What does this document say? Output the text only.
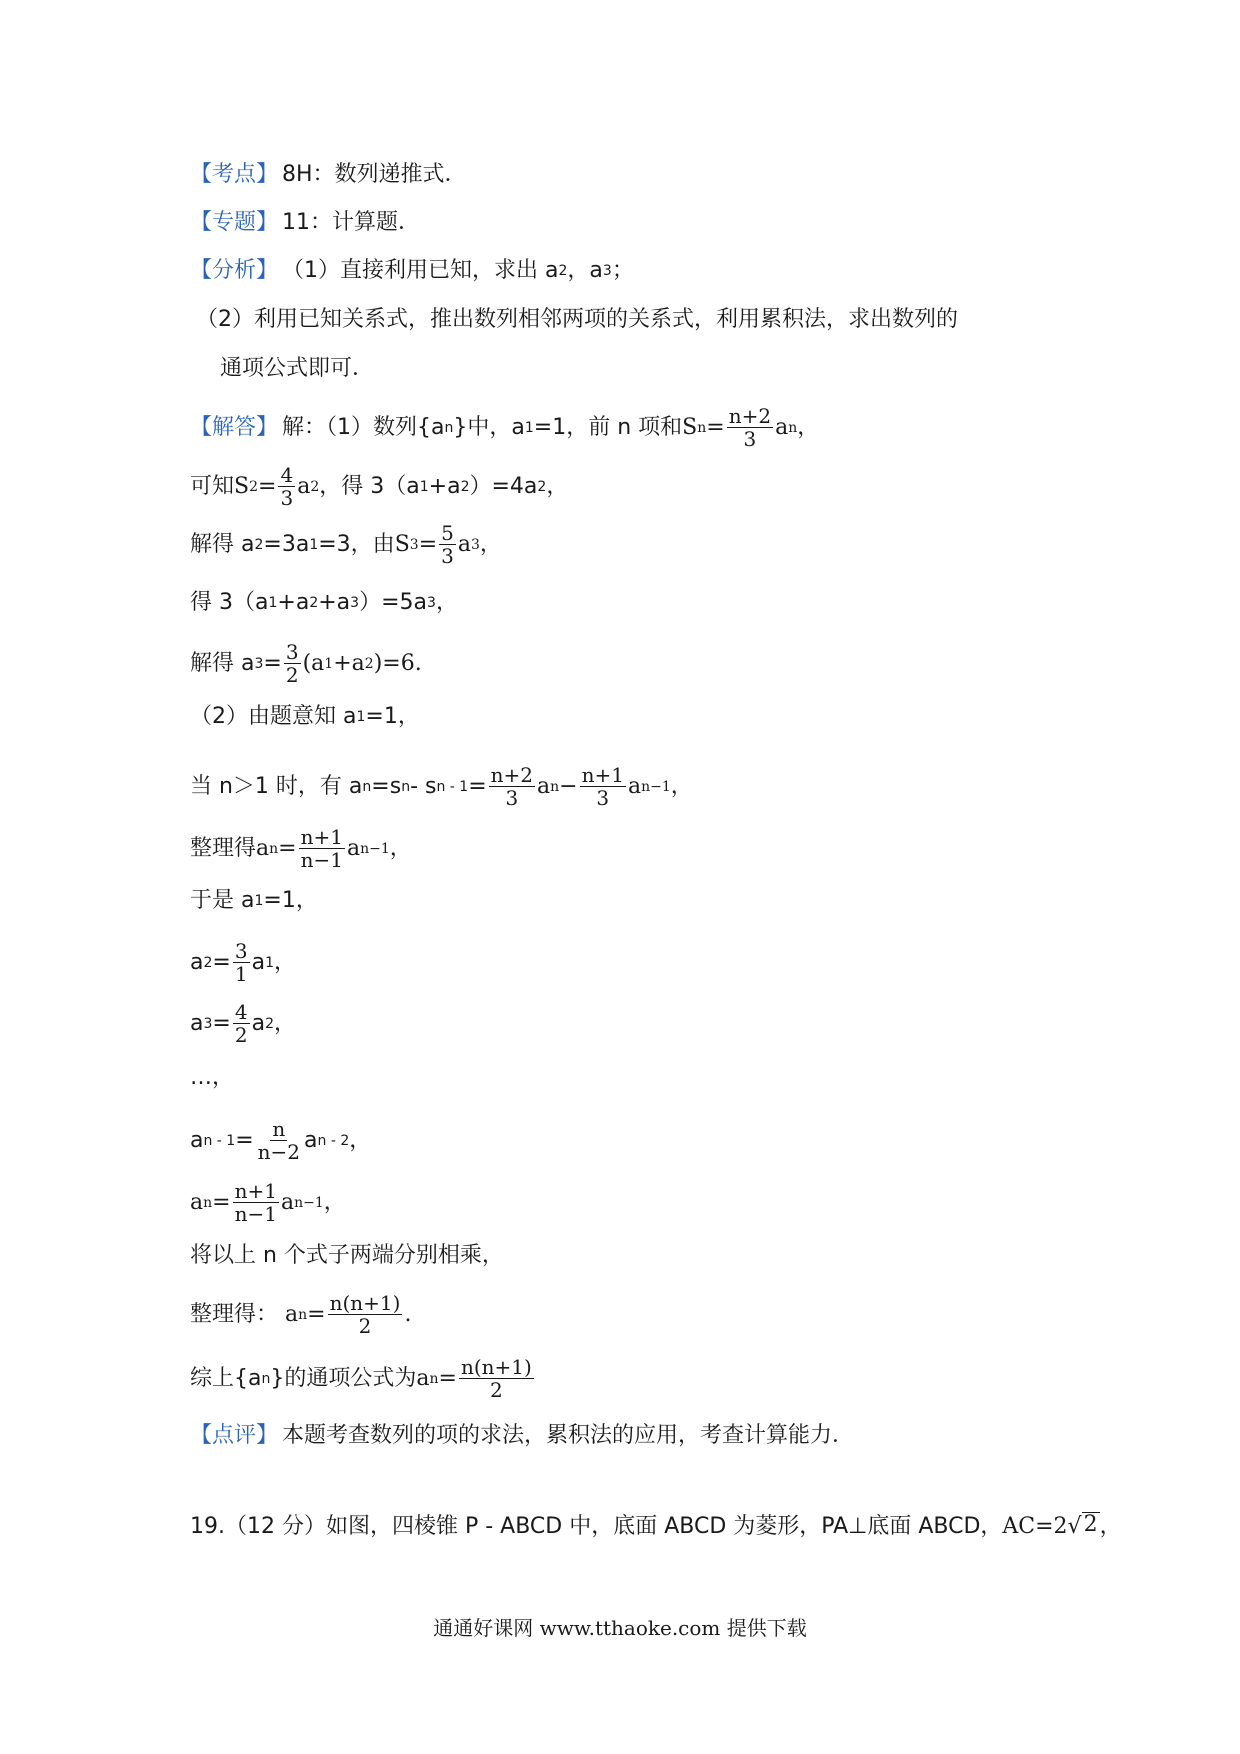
【考点】 8H：数列递推式．
【专题】 11：计算题．
【分析】 （1）直接利用已知，求出 a 2 ，a 3 ；
（2）利用已知关系式，推出数列相邻两项的关系式，利用累积法，求出数列的
通项公式即可．
【解答】 解：（1）数列{a n }中，a 1 =1，前 n 项和 S $n = \frac{n+2}{3}$ a n ，
可知 S $2 = \frac{4}{3}$ a 2 ，得 3（a 1 +a 2 ）=4a 2 ，
解得 a 2 =3a 1 =3，由 S $3 = \frac{5}{3}$ a 3 ，
得 3（a 1 +a 2 +a 3 ）=5a 3 ，
解得 a $3 = \frac{3}{2} (a$ 1 +a 2 )=6.
（2）由题意知 a 1 =1，
当 n＞1 时，有 a n =s n - s $n - 1 = \frac{n+2}{3}$ a $n - \frac{n+1}{3}$ a n−1 ，
整理得 a $n = \frac{n+1}{n-1}$ a n−1 ，
于是 a 1 =1，
a $2 = \frac{3}{1}$ a 1 ，
a $3 = \frac{4}{2}$ a 2 ，
…，
a $n - 1 = \frac{n}{n-2}$ a n - 2 ，
a $n = \frac{n+1}{n-1}$ a n−1 ，
将以上 n 个式子两端分别相乘，
整理得： a $n = \frac{n(n+1)}{2}$ .
综上{a n }的通项公式为 a $n = \frac{n(n+1)}{2}$
【点评】 本题考查数列的项的求法，累积法的应用，考查计算能力．
19.（12 分）如图，四棱锥 P - ABCD 中，底面 ABCD 为菱形，PA⊥底面 ABCD， AC=2 √ 2 ，
通通好课网 www.tthaoke.com 提供下载
